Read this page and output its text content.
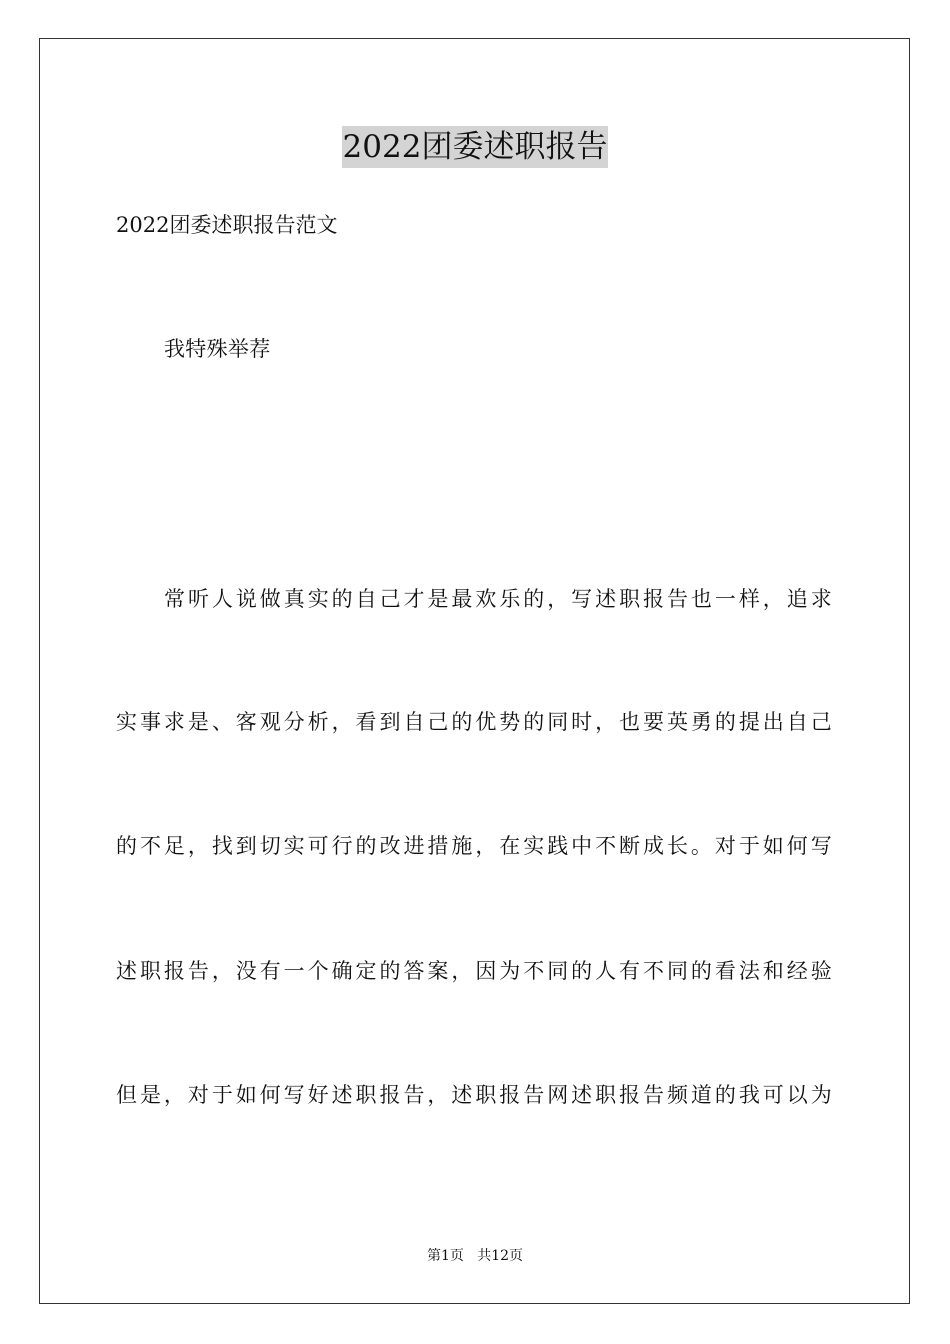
2022团委述职报告
2022团委述职报告范文
我特殊举荐
常听人说做真实的自己才是最欢乐的，写述职报告也一样，追求
实事求是、客观分析，看到自己的优势的同时，也要英勇的提出自己
的不足，找到切实可行的改进措施，在实践中不断成长。对于如何写
述职报告，没有一个确定的答案，因为不同的人有不同的看法和经验
但是，对于如何写好述职报告，述职报告网述职报告频道的我可以为
第1页   共12页
